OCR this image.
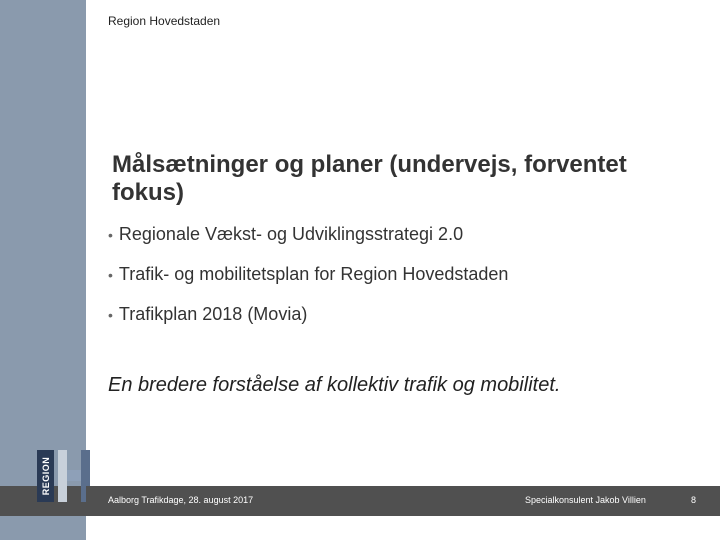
REGION
Region Hovedstaden
Målsætninger og planer (undervejs, forventet fokus)
• Regionale Vækst- og Udviklingsstrategi 2.0
• Trafik- og mobilitetsplan for Region Hovedstaden
• Trafikplan 2018 (Movia)
En bredere forståelse af kollektiv trafik og mobilitet.
Aalborg Trafikdage, 28. august 2017	Specialkonsulent Jakob Villien	8
